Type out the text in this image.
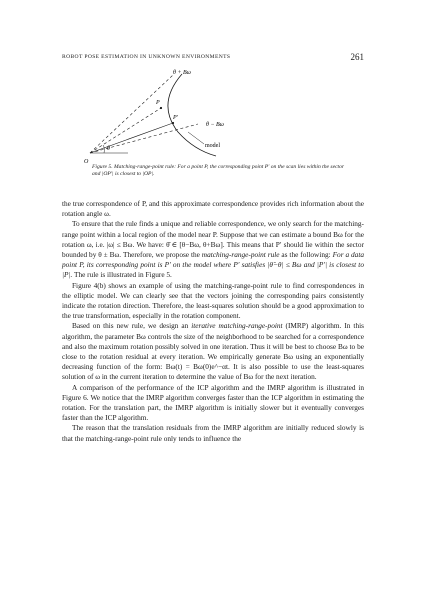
ROBOT POSE ESTIMATION IN UNKNOWN ENVIRONMENTS	261
θ + Bω
θ − Bω
P
P′
θ
O
model
Figure 5. Matching-range-point rule: For a point P, the corresponding point P′ on the scan lies within the sector and |OP′| is closest to |OP|.

the true correspondence of P, and this approximate correspondence provides rich information about the rotation angle ω.

To ensure that the rule finds a unique and reliable correspondence, we only search for the matching-range point within a local region of the model near P. Suppose that we can estimate a bound Bω for the rotation ω, i.e. |ω| ≤ Bω. We have: θ̂ ∈ [θ−Bω, θ+Bω]. This means that P′ should lie within the sector bounded by θ ± Bω. Therefore, we propose the matching-range-point rule as the following: For a data point P, its corresponding point is P′ on the model where P′ satisfies |θ̂−θ| ≤ Bω and |P′| is closest to |P|. The rule is illustrated in Figure 5.

Figure 4(b) shows an example of using the matching-range-point rule to find correspondences in the elliptic model. We can clearly see that the vectors joining the corresponding pairs consistently indicate the rotation direction. Therefore, the least-squares solution should be a good approximation to the true transformation, especially in the rotation component.

Based on this new rule, we design an iterative matching-range-point (IMRP) algorithm. In this algorithm, the parameter Bω controls the size of the neighborhood to be searched for a correspondence and also the maximum rotation possibly solved in one iteration. Thus it will be best to choose Bω to be close to the rotation residual at every iteration. We empirically generate Bω using an exponentially decreasing function of the form: Bω(t) = Bω(0)e^−αt. It is also possible to use the least-squares solution of ω in the current iteration to determine the value of Bω for the next iteration.

A comparison of the performance of the ICP algorithm and the IMRP algorithm is illustrated in Figure 6. We notice that the IMRP algorithm converges faster than the ICP algorithm in estimating the rotation. For the translation part, the IMRP algorithm is initially slower but it eventually converges faster than the ICP algorithm.

The reason that the translation residuals from the IMRP algorithm are initially reduced slowly is that the matching-range-point rule only tends to influence the
